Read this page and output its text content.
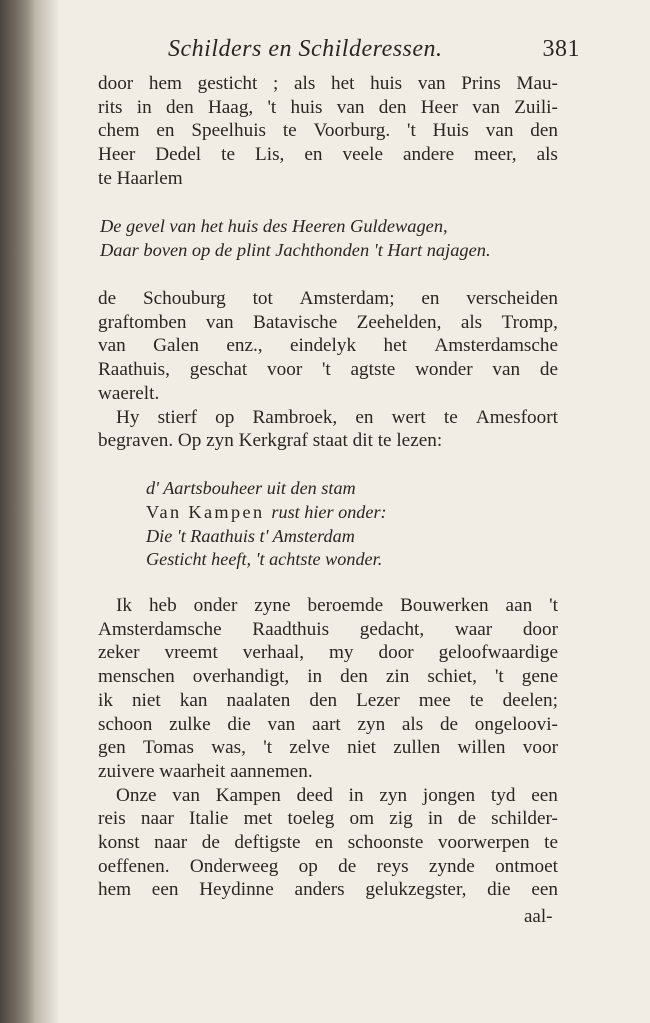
Schilders en Schilderessen.	381
door hem gesticht ; als het huis van Prins Mau-
rits in den Haag, 't huis van den Heer van Zuili-
chem en Speelhuis te Voorburg. 't Huis van den
Heer Dedel te Lis, en veele andere meer, als
te Haarlem
De gevel van het huis des Heeren Guldewagen,
Daar boven op de plint Jachthonden 't Hart najagen.
de Schouburg tot Amsterdam; en verscheiden
graftomben van Batavische Zeehelden, als Tromp,
van Galen enz., eindelyk het Amsterdamsche
Raathuis, geschat voor 't agtste wonder van de
waerelt.
Hy stierf op Rambroek, en wert te Amesfoort
begraven. Op zyn Kerkgraf staat dit te lezen:
d' Aartsbouheer uit den stam
Van Kampen
rust hier onder:
Die 't Raathuis t' Amsterdam
Gesticht heeft, 't achtste wonder.
Ik heb onder zyne beroemde Bouwerken aan 't
Amsterdamsche Raadthuis gedacht, waar door
zeker vreemt verhaal, my door geloofwaardige
menschen overhandigt, in den zin schiet, 't gene
ik niet kan naalaten den Lezer mee te deelen;
schoon zulke die van aart zyn als de ongeloovi-
gen Tomas was, 't zelve niet zullen willen voor
zuivere waarheit aannemen.
Onze van Kampen deed in zyn jongen tyd een
reis naar Italie met toeleg om zig in de schilder-
konst naar de deftigste en schoonste voorwerpen te
oeffenen. Onderweeg op de reys zynde ontmoet
hem een Heydinne anders gelukzegster, die een
aal-
